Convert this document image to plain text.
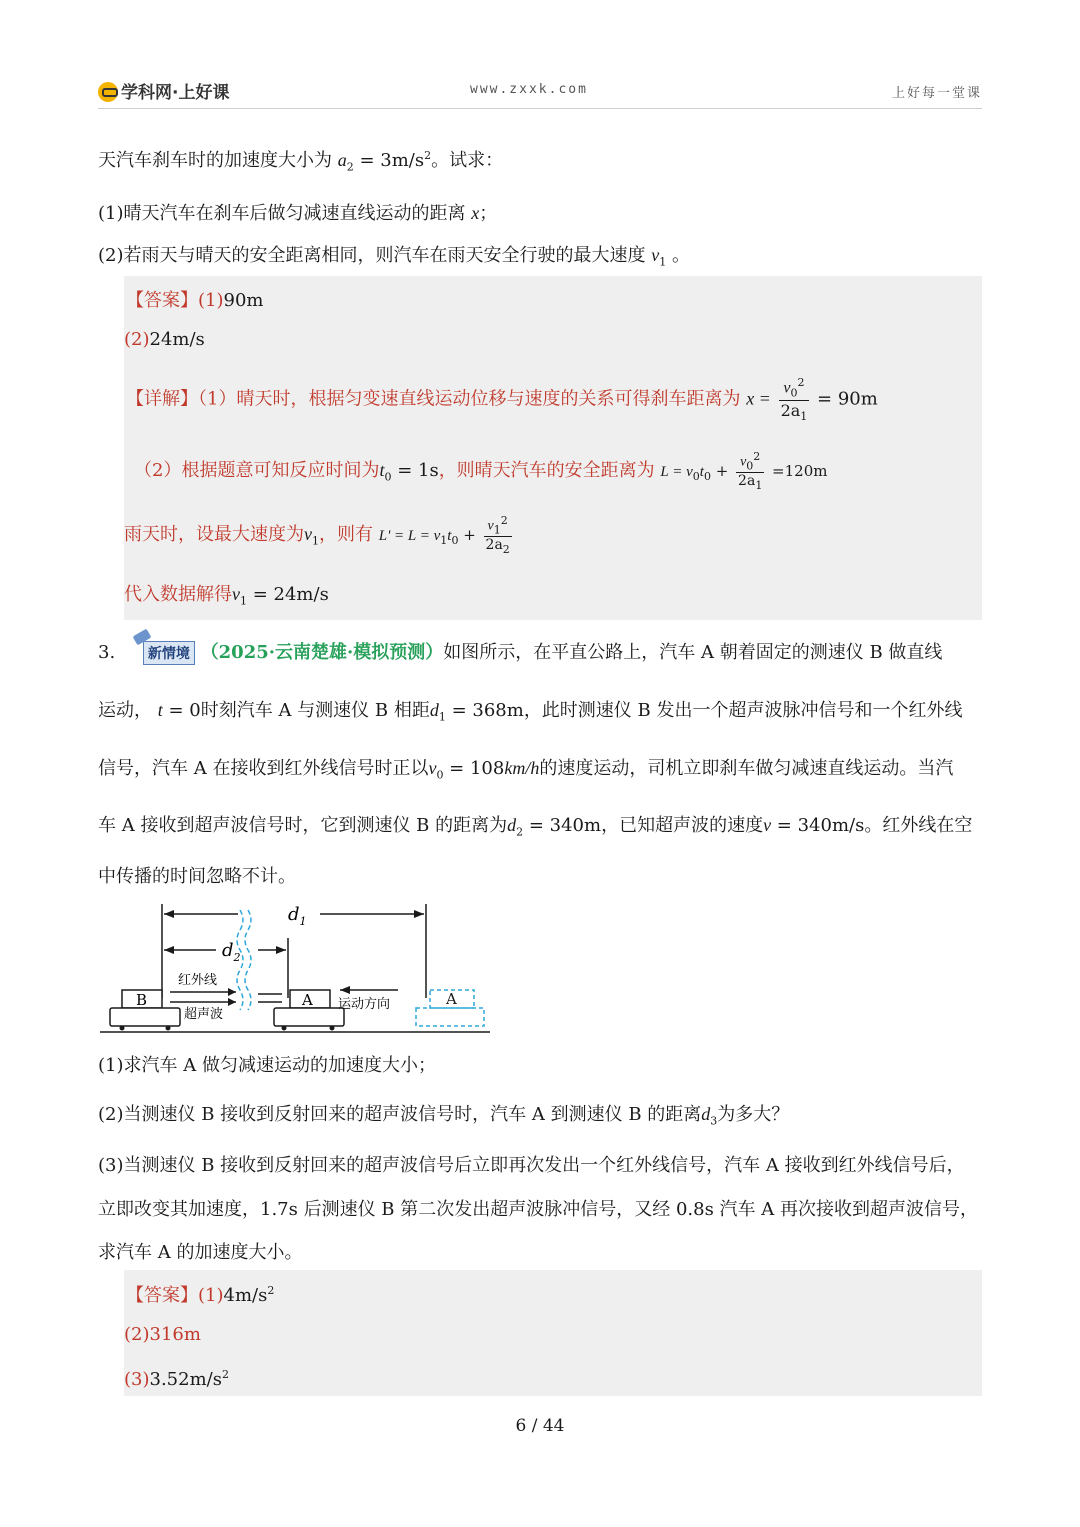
学科网·上好课	www.zxxk.com	上好每一堂课
天汽车刹车时的加速度大小为 $a_2 = 3m/s^2$。试求：
(1)晴天汽车在刹车后做匀减速直线运动的距离 x；
(2)若雨天与晴天的安全距离相同，则汽车在雨天安全行驶的最大速度 $v_1$ 。
【答案】(1)90m
(2)24m/s
【详解】（1）晴天时，根据匀变速直线运动位移与速度的关系可得刹车距离为 $x = \frac{v_0^2}{2a_1} = 90m$
（2）根据题意可知反应时间为$t_0 = 1s$，则晴天汽车的安全距离为 $L = v_0t_0 + \frac{v_0^2}{2a_1} =120m$
雨天时，设最大速度为$v_1$，则有 $L' = L = v_1t_0 + \frac{v_1^2}{2a_2}$
代入数据解得$v_1 = 24m/s$
3. 新情境 （2025·云南楚雄·模拟预测）如图所示，在平直公路上，汽车 A 朝着固定的测速仪 B 做直线
运动， t = 0时刻汽车 A 与测速仪 B 相距$d_1 = 368m$，此时测速仪 B 发出一个超声波脉冲信号和一个红外线
信号，汽车 A 在接收到红外线信号时正以$v_0 = 108km/h$的速度运动，司机立即刹车做匀减速直线运动。当汽
车 A 接收到超声波信号时，它到测速仪 B 的距离为$d_2 = 340m$，已知超声波的速度v = 340m/s。红外线在空
中传播的时间忽略不计。
$d_1$
$d_2$
B
红外线
超声波
A 运动方向	A
(1)求汽车 A 做匀减速运动的加速度大小；
(2)当测速仪 B 接收到反射回来的超声波信号时，汽车 A 到测速仪 B 的距离$d_3$为多大？
(3)当测速仪 B 接收到反射回来的超声波信号后立即再次发出一个红外线信号，汽车 A 接收到红外线信号后，
立即改变其加速度，1.7s 后测速仪 B 第二次发出超声波脉冲信号，又经 0.8s 汽车 A 再次接收到超声波信号，
求汽车 A 的加速度大小。
【答案】$(1)4m/s^2$
(2)316m
$(3)3.52m/s^2$
6 / 44
